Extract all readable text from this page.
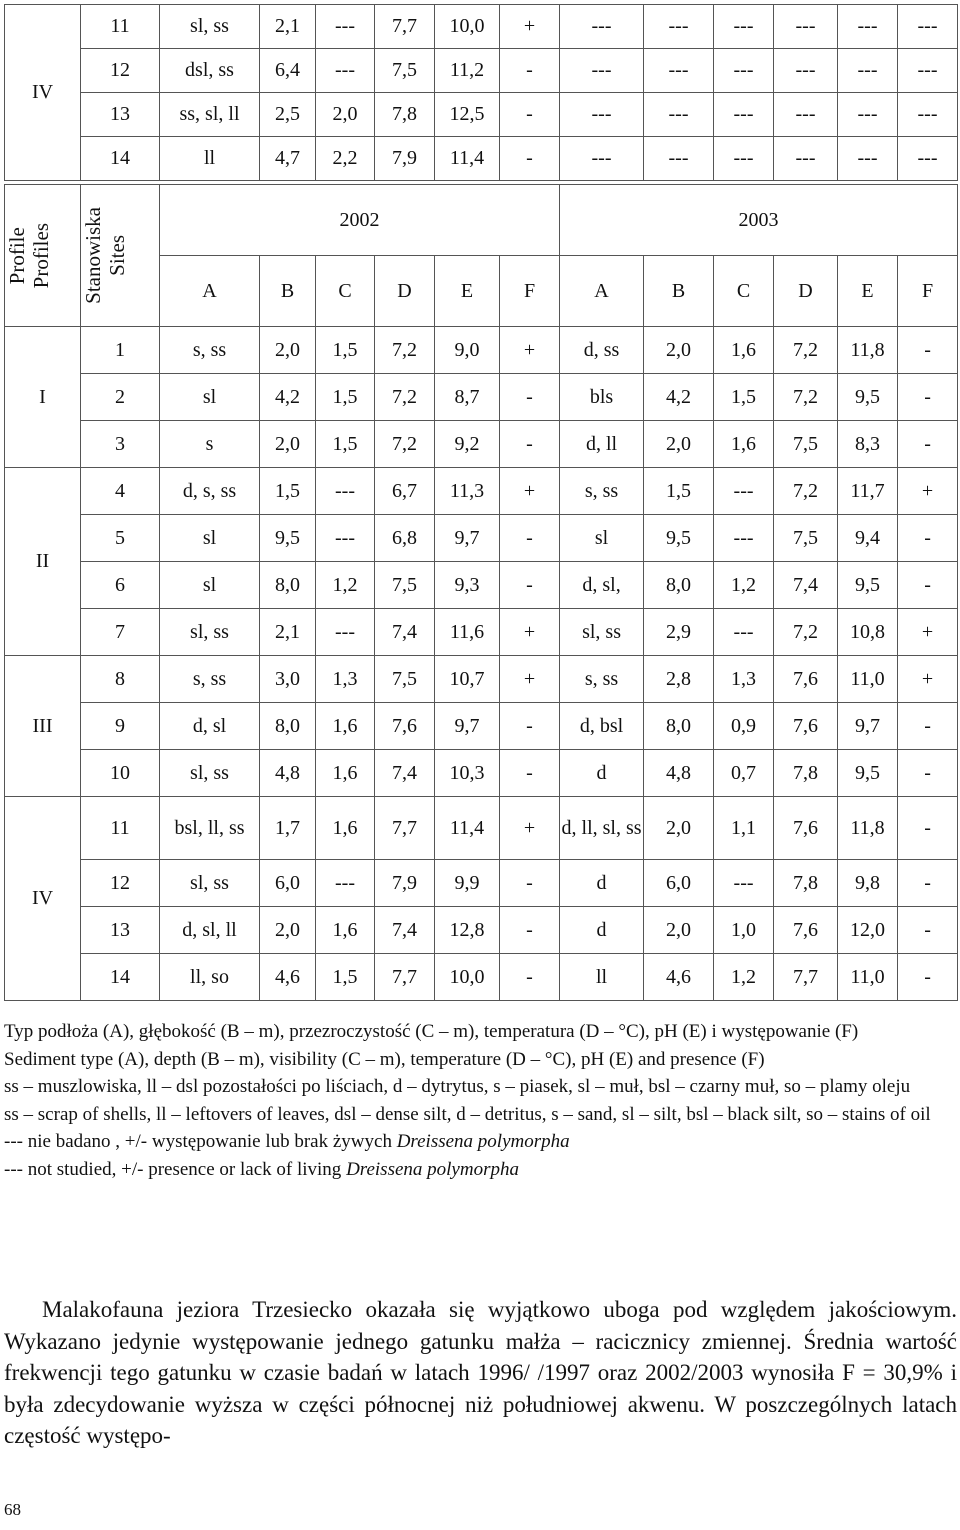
IV	11	sl, ss	2,1	---	7,7	10,0	+	---	---	---	---	---	---
	12	dsl, ss	6,4	---	7,5	11,2	-	---	---	---	---	---	---
	13	ss, sl, ll	2,5	2,0	7,8	12,5	-	---	---	---	---	---	---
	14	ll	4,7	2,2	7,9	11,4	-	---	---	---	---	---	---
Profile Profiles	Stanowiska Sites	2002						2003					
		A	B	C	D	E	F	A	B	C	D	E	F
I	1	s, ss	2,0	1,5	7,2	9,0	+	d, ss	2,0	1,6	7,2	11,8	-
	2	sl	4,2	1,5	7,2	8,7	-	bls	4,2	1,5	7,2	9,5	-
	3	s	2,0	1,5	7,2	9,2	-	d, ll	2,0	1,6	7,5	8,3	-
II	4	d, s, ss	1,5	---	6,7	11,3	+	s, ss	1,5	---	7,2	11,7	+
	5	sl	9,5	---	6,8	9,7	-	sl	9,5	---	7,5	9,4	-
	6	sl	8,0	1,2	7,5	9,3	-	d, sl,	8,0	1,2	7,4	9,5	-
	7	sl, ss	2,1	---	7,4	11,6	+	sl, ss	2,9	---	7,2	10,8	+
III	8	s, ss	3,0	1,3	7,5	10,7	+	s, ss	2,8	1,3	7,6	11,0	+
	9	d, sl	8,0	1,6	7,6	9,7	-	d, bsl	8,0	0,9	7,6	9,7	-
	10	sl, ss	4,8	1,6	7,4	10,3	-	d	4,8	0,7	7,8	9,5	-
IV	11	bsl, ll, ss	1,7	1,6	7,7	11,4	+	d, ll, sl, ss	2,0	1,1	7,6	11,8	-
	12	sl, ss	6,0	---	7,9	9,9	-	d	6,0	---	7,8	9,8	-
	13	d, sl, ll	2,0	1,6	7,4	12,8	-	d	2,0	1,0	7,6	12,0	-
	14	ll, so	4,6	1,5	7,7	10,0	-	ll	4,6	1,2	7,7	11,0	-

Typ podłoża (A), głębokość (B – m), przezroczystość (C – m), temperatura (D – °C), pH (E) i występowanie (F)

Sediment type (A), depth (B – m), visibility (C – m), temperature (D – °C), pH (E) and presence (F)

ss – muszlowiska, ll – dsl pozostałości po liściach, d – dytrytus, s – piasek, sl – muł, bsl – czarny muł, so – plamy oleju

ss – scrap of shells, ll – leftovers of leaves, dsl – dense silt, d – detritus, s – sand, sl – silt, bsl – black silt, so – stains of oil

--- nie badano , +/- występowanie lub brak żywych Dreissena polymorpha

--- not studied, +/- presence or lack of living Dreissena polymorpha

Malakofauna jeziora Trzesiecko okazała się wyjątkowo uboga pod względem jakościowym. Wykazano jedynie występowanie jednego gatunku małża – racicznicy zmiennej. Średnia wartość frekwencji tego gatunku w czasie badań w latach 1996/ /1997 oraz 2002/2003 wynosiła F = 30,9% i była zdecydowanie wyższa w części północnej niż południowej akwenu. W poszczególnych latach częstość występo-

68
